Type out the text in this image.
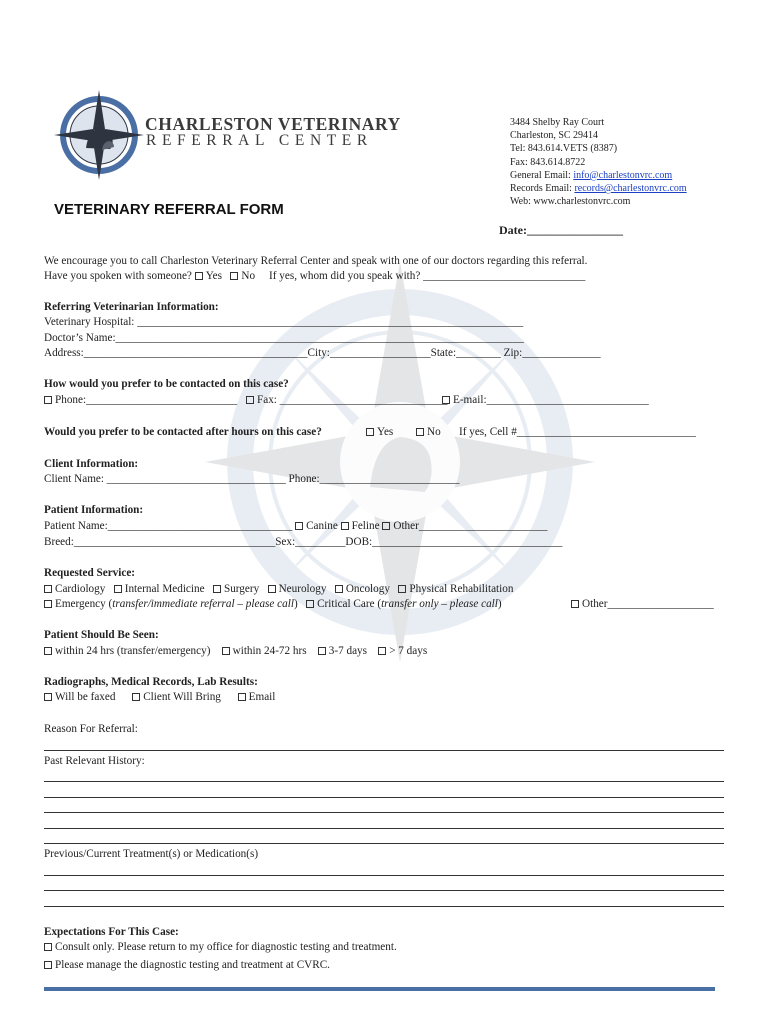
CHARLESTON VETERINARY
REFERRAL CENTER
3484 Shelby Ray Court
Charleston, SC 29414
Tel: 843.614.VETS (8387)
Fax: 843.614.8722
General Email: info@charlestonvrc.com
Records Email: records@charlestonvrc.com
Web: www.charlestonvrc.com
VETERINARY REFERRAL FORM
Date:________________
We encourage you to call Charleston Veterinary Referral Center and speak with one of our doctors regarding this referral.
Have you spoken with someone? Yes No If yes, whom did you speak with? _____________________________
Referring Veterinarian Information:
Veterinary Hospital: _____________________________________________________________________
Doctor’s Name:_________________________________________________________________________
Address:________________________________________City:__________________State:________ Zip:______________
How would you prefer to be contacted on this case?
Phone:___________________________	Fax: ______________________________ E-mail:_____________________________
Would you prefer to be contacted after hours on this case?	Yes	No If yes, Cell #________________________________
Client Information:
Client Name: ________________________________ Phone:_________________________
Patient Information:
Patient Name:_________________________________ Canine Feline Other_______________________
Breed:____________________________________Sex:_________DOB:__________________________________
Requested Service:
Cardiology Internal Medicine Surgery Neurology Oncology Physical Rehabilitation
Emergency (transfer/immediate referral – please call) Critical Care (transfer only – please call)	Other___________________
Patient Should Be Seen:
within 24 hrs (transfer/emergency) within 24-72 hrs 3-7 days > 7 days
Radiographs, Medical Records, Lab Results:
Will be faxed Client Will Bring Email
Reason For Referral:
Past Relevant History:
Previous/Current Treatment(s) or Medication(s)
Expectations For This Case:
Consult only. Please return to my office for diagnostic testing and treatment.
Please manage the diagnostic testing and treatment at CVRC.
